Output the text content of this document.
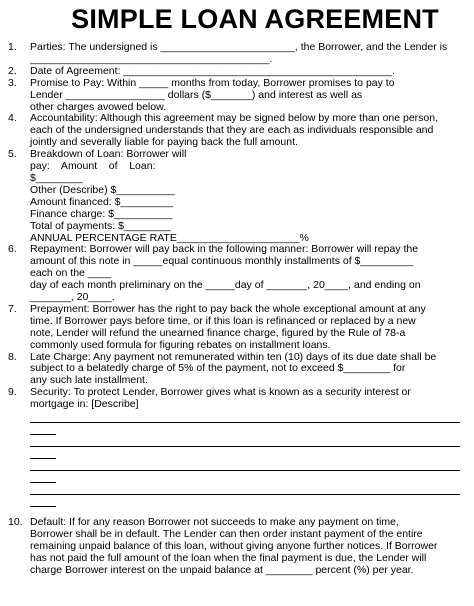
SIMPLE LOAN AGREEMENT
1.	Parties: The undersigned is _______________________, the Borrower, and the Lender is
_________________________________________.
2.	Date of Agreement: ______________________________________________.
3.	Promise to Pay: Within _____ months from today, Borrower promises to pay to
Lender _________________ dollars ($_______) and interest as well as
other charges avowed below.
4.	Accountability: Although this agreement may be signed below by more than one person,
each of the undersigned understands that they are each as individuals responsible and
jointly and severally liable for paying back the full amount.
5.	Breakdown of Loan: Borrower will
pay:    Amount    of    Loan:
$________
Other (Describe) $__________
Amount financed: $_________
Finance charge: $__________
Total of payments: $________
ANNUAL PERCENTAGE RATE_____________________%
6.	Repayment: Borrower will pay back in the following manner: Borrower will repay the
amount of this note in _____equal continuous monthly installments of $_________
each on the ____
day of each month preliminary on the _____day of _______, 20____, and ending on
_______, 20____.
7.	Prepayment: Borrower has the right to pay back the whole exceptional amount at any
time. If Borrower pays before time, or if this loan is refinanced or replaced by a new
note, Lender will refund the unearned finance charge, figured by the Rule of 78-a
commonly used formula for figuring rebates on installment loans.
8.	Late Charge: Any payment not remunerated within ten (10) days of its due date shall be
subject to a belatedly charge of 5% of the payment, not to exceed $________ for
any such late installment.
9.	Security: To protect Lender, Borrower gives what is known as a security interest or
mortgage in: [Describe]
10. Default: If for any reason Borrower not succeeds to make any payment on time,
Borrower shall be in default. The Lender can then order instant payment of the entire
remaining unpaid balance of this loan, without giving anyone further notices. If Borrower
has not paid the full amount of the loan when the final payment is due, the Lender will
charge Borrower interest on the unpaid balance at ________ percent (%) per year.
